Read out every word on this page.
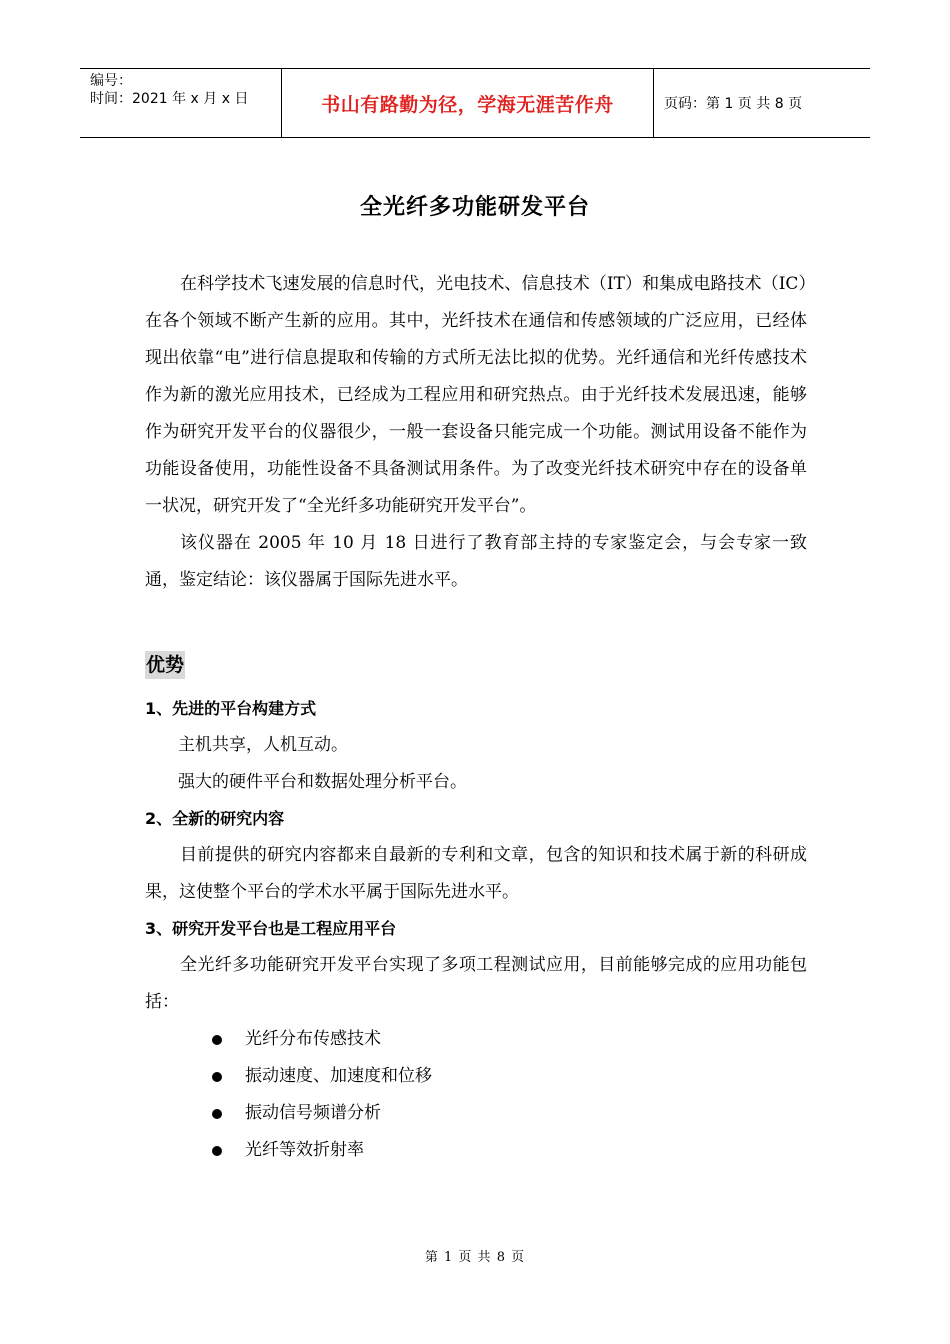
编号：
时间：2021 年 x 月 x 日	书山有路勤为径，学海无涯苦作舟	页码：第 1 页 共 8 页
全光纤多功能研发平台

在科学技术飞速发展的信息时代，光电技术、信息技术（IT）和集成电路技术（IC）在各个领域不断产生新的应用。其中，光纤技术在通信和传感领域的广泛应用，已经体现出依靠“电”进行信息提取和传输的方式所无法比拟的优势。光纤通信和光纤传感技术作为新的激光应用技术，已经成为工程应用和研究热点。由于光纤技术发展迅速，能够作为研究开发平台的仪器很少，一般一套设备只能完成一个功能。测试用设备不能作为功能设备使用，功能性设备不具备测试用条件。为了改变光纤技术研究中存在的设备单一状况，研究开发了“全光纤多功能研究开发平台”。

该仪器在 2005 年 10 月 18 日进行了教育部主持的专家鉴定会，与会专家一致通，鉴定结论：该仪器属于国际先进水平。

优势
1、先进的平台构建方式

主机共享，人机互动。

强大的硬件平台和数据处理分析平台。

2、全新的研究内容

目前提供的研究内容都来自最新的专利和文章，包含的知识和技术属于新的科研成果，这使整个平台的学术水平属于国际先进水平。

3、研究开发平台也是工程应用平台

全光纤多功能研究开发平台实现了多项工程测试应用，目前能够完成的应用功能包括：

光纤分布传感技术
振动速度、加速度和位移
振动信号频谱分析
光纤等效折射率
第 1 页 共 8 页
